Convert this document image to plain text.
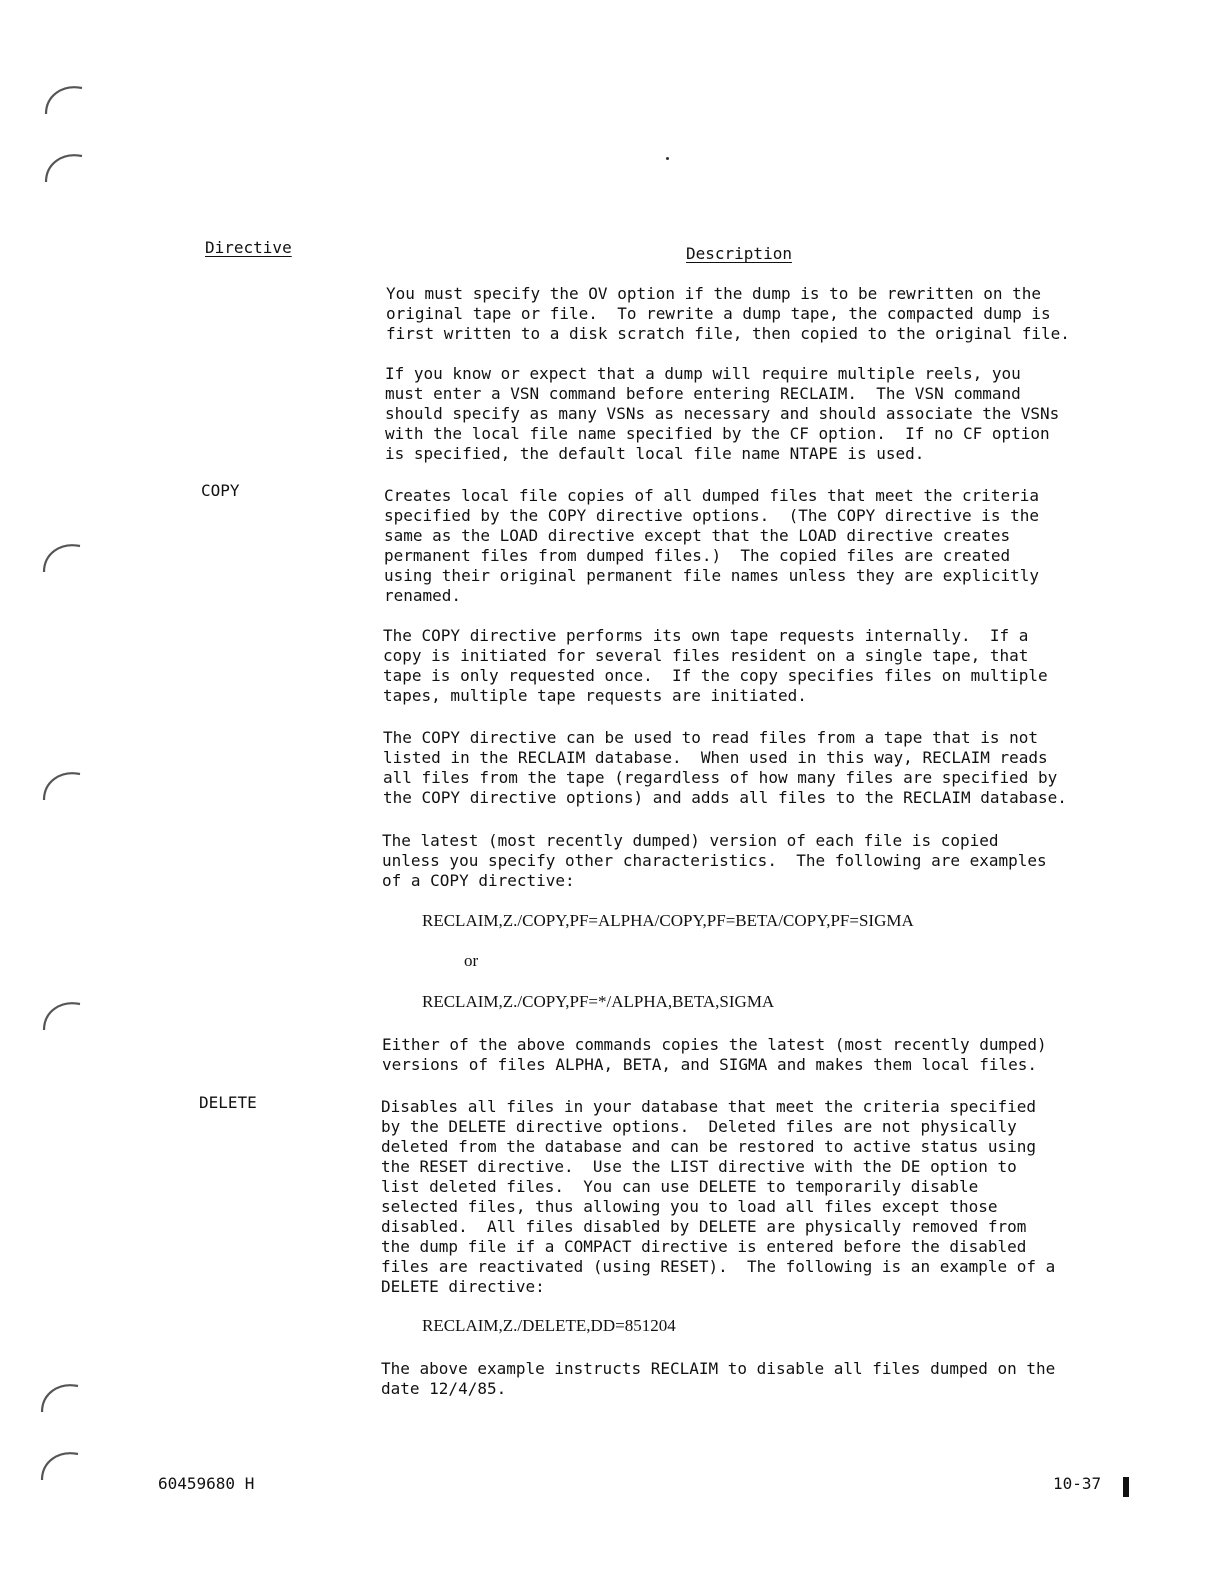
Directive	Description

You must specify the OV option if the dump is to be rewritten on the
original tape or file.  To rewrite a dump tape, the compacted dump is
first written to a disk scratch file, then copied to the original file.

If you know or expect that a dump will require multiple reels, you
must enter a VSN command before entering RECLAIM.  The VSN command
should specify as many VSNs as necessary and should associate the VSNs
with the local file name specified by the CF option.  If no CF option
is specified, the default local file name NTAPE is used.

COPY	Creates local file copies of all dumped files that meet the criteria
specified by the COPY directive options.  (The COPY directive is the
same as the LOAD directive except that the LOAD directive creates
permanent files from dumped files.)  The copied files are created
using their original permanent file names unless they are explicitly
renamed.

The COPY directive performs its own tape requests internally.  If a
copy is initiated for several files resident on a single tape, that
tape is only requested once.  If the copy specifies files on multiple
tapes, multiple tape requests are initiated.

The COPY directive can be used to read files from a tape that is not
listed in the RECLAIM database.  When used in this way, RECLAIM reads
all files from the tape (regardless of how many files are specified by
the COPY directive options) and adds all files to the RECLAIM database.

The latest (most recently dumped) version of each file is copied
unless you specify other characteristics.  The following are examples
of a COPY directive:

RECLAIM,Z./COPY,PF=ALPHA/COPY,PF=BETA/COPY,PF=SIGMA
or
RECLAIM,Z./COPY,PF=*/ALPHA,BETA,SIGMA

Either of the above commands copies the latest (most recently dumped)
versions of files ALPHA, BETA, and SIGMA and makes them local files.

DELETE	Disables all files in your database that meet the criteria specified
by the DELETE directive options.  Deleted files are not physically
deleted from the database and can be restored to active status using
the RESET directive.  Use the LIST directive with the DE option to
list deleted files.  You can use DELETE to temporarily disable
selected files, thus allowing you to load all files except those
disabled.  All files disabled by DELETE are physically removed from
the dump file if a COMPACT directive is entered before the disabled
files are reactivated (using RESET).  The following is an example of a
DELETE directive:

RECLAIM,Z./DELETE,DD=851204

The above example instructs RECLAIM to disable all files dumped on the
date 12/4/85.

60459680 H	10-37
